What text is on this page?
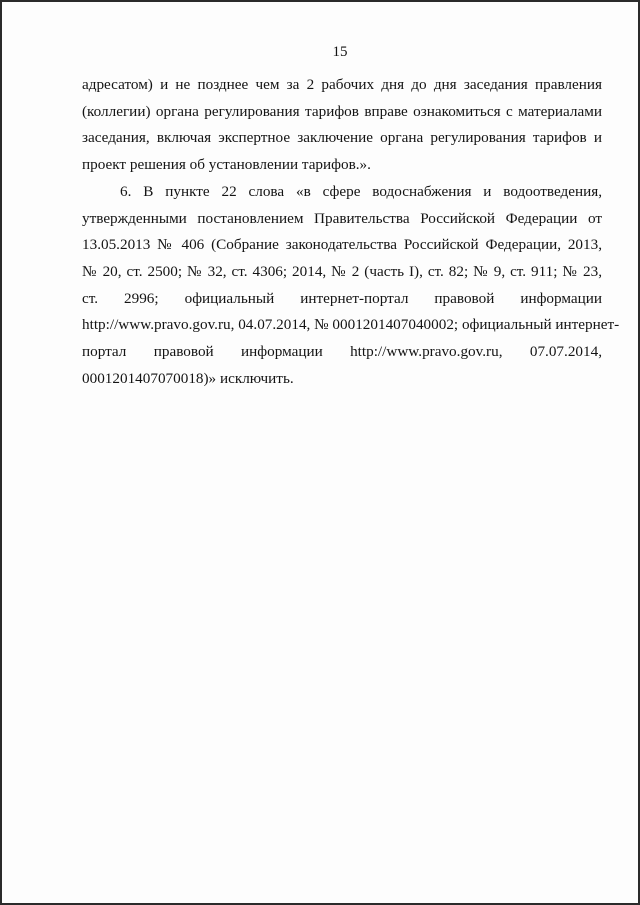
15
адресатом) и не позднее чем за 2 рабочих дня до дня заседания правления
(коллегии) органа регулирования тарифов вправе ознакомиться с материалами
заседания, включая экспертное заключение органа регулирования тарифов и
проект решения об установлении тарифов.».
6. В пункте 22 слова «в сфере водоснабжения и водоотведения,
утвержденными постановлением Правительства Российской Федерации от
13.05.2013 № 406 (Собрание законодательства Российской Федерации, 2013,
№ 20, ст. 2500; № 32, ст. 4306; 2014, № 2 (часть I), ст. 82; № 9, ст. 911; № 23,
ст. 2996; официальный интернет-портал правовой информации
http://www.pravo.gov.ru, 04.07.2014, № 0001201407040002; официальный интернет-
портал правовой информации http://www.pravo.gov.ru, 07.07.2014,
0001201407070018)» исключить.
